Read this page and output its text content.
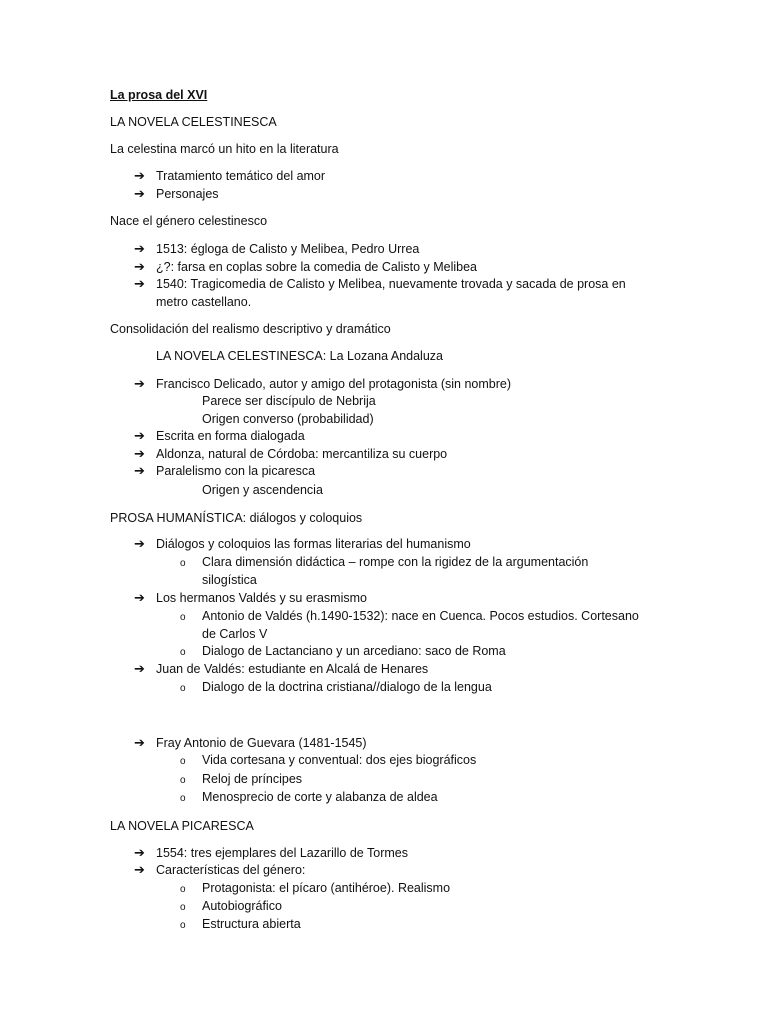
La prosa del XVI
LA NOVELA CELESTINESCA
La celestina marcó un hito en la literatura
➔ Tratamiento temático del amor
➔ Personajes
Nace el género celestinesco
➔ 1513: égloga de Calisto y Melibea, Pedro Urrea
➔ ¿?: farsa en coplas sobre la comedia de Calisto y Melibea
➔ 1540: Tragicomedia de Calisto y Melibea, nuevamente trovada y sacada de prosa en
metro castellano.
Consolidación del realismo descriptivo y dramático
LA NOVELA CELESTINESCA: La Lozana Andaluza
➔ Francisco Delicado, autor y amigo del protagonista (sin nombre)
Parece ser discípulo de Nebrija
Origen converso (probabilidad)
➔ Escrita en forma dialogada
➔ Aldonza, natural de Córdoba: mercantiliza su cuerpo
➔ Paralelismo con la picaresca
Origen y ascendencia
PROSA HUMANÍSTICA: diálogos y coloquios
➔ Diálogos y coloquios las formas literarias del humanismo
o Clara dimensión didáctica – rompe con la rigidez de la argumentación
silogística
➔ Los hermanos Valdés y su erasmismo
o Antonio de Valdés (h.1490-1532): nace en Cuenca. Pocos estudios. Cortesano
de Carlos V
o Dialogo de Lactanciano y un arcediano: saco de Roma
➔ Juan de Valdés: estudiante en Alcalá de Henares
o Dialogo de la doctrina cristiana//dialogo de la lengua
➔ Fray Antonio de Guevara (1481-1545)
o Vida cortesana y conventual: dos ejes biográficos
o Reloj de príncipes
o Menosprecio de corte y alabanza de aldea
LA NOVELA PICARESCA
➔ 1554: tres ejemplares del Lazarillo de Tormes
➔ Características del género:
o Protagonista: el pícaro (antihéroe). Realismo
o Autobiográfico
o Estructura abierta
